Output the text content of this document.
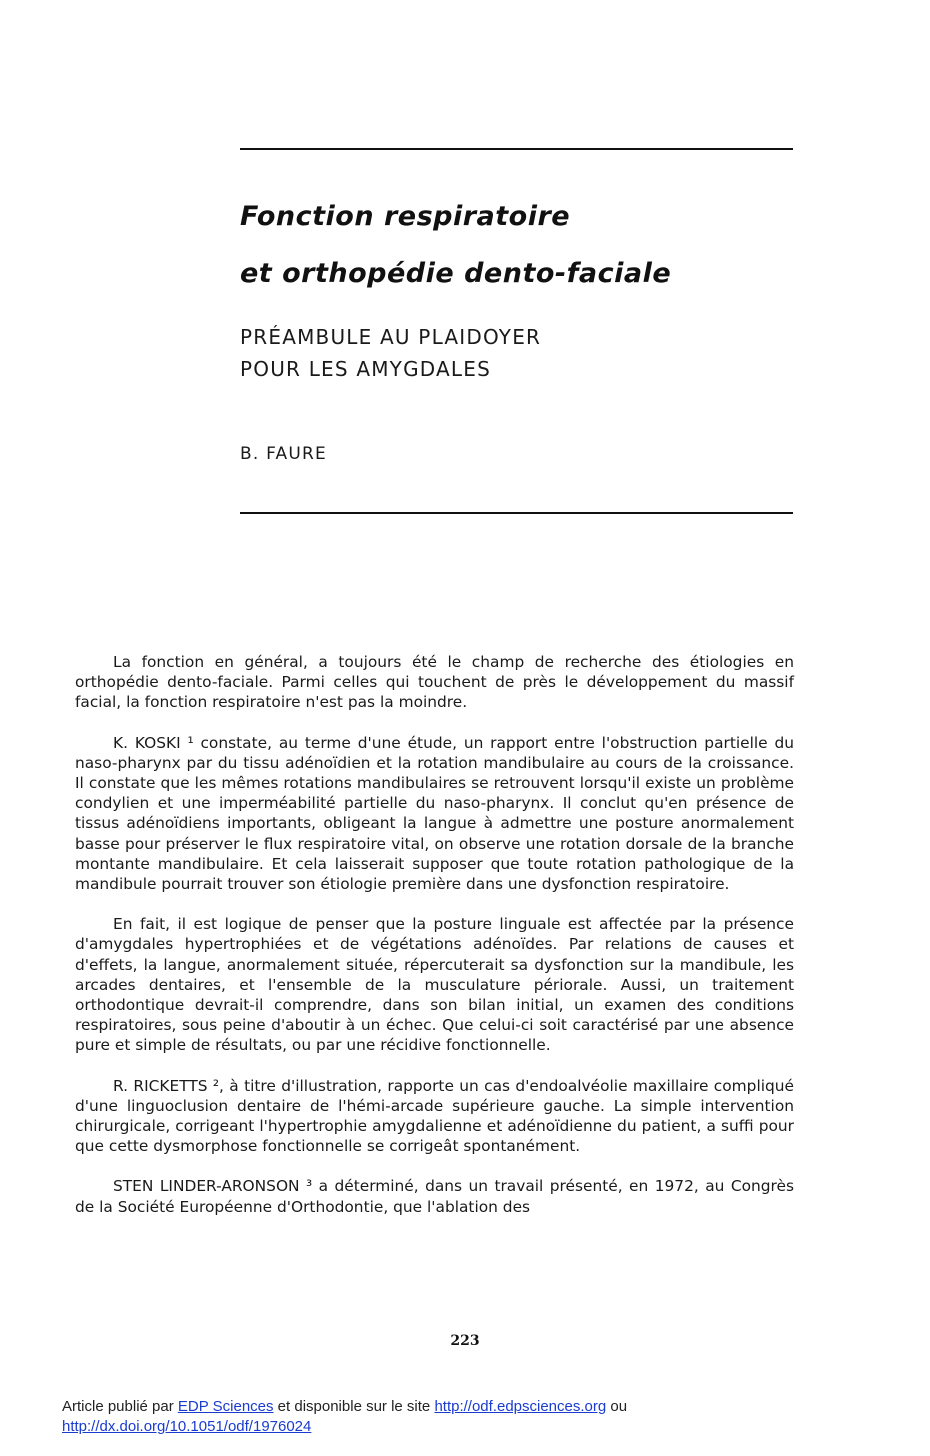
Fonction respiratoire
et orthopédie dento-faciale
PRÉAMBULE AU PLAIDOYER
POUR LES AMYGDALES
B. FAURE

La fonction en général, a toujours été le champ de recherche des étiologies en orthopédie dento-faciale. Parmi celles qui touchent de près le développement du massif facial, la fonction respiratoire n'est pas la moindre.

K. KOSKI ¹ constate, au terme d'une étude, un rapport entre l'obstruction partielle du naso-pharynx par du tissu adénoïdien et la rotation mandibulaire au cours de la croissance. Il constate que les mêmes rotations mandibulaires se retrouvent lorsqu'il existe un problème condylien et une imperméabilité partielle du naso-pharynx. Il conclut qu'en présence de tissus adénoïdiens importants, obligeant la langue à admettre une posture anormalement basse pour préserver le flux respiratoire vital, on observe une rotation dorsale de la branche montante mandibulaire. Et cela laisserait supposer que toute rotation pathologique de la mandibule pourrait trouver son étiologie première dans une dysfonction respiratoire.

En fait, il est logique de penser que la posture linguale est affectée par la présence d'amygdales hypertrophiées et de végétations adénoïdes. Par relations de causes et d'effets, la langue, anormalement située, répercuterait sa dysfonction sur la mandibule, les arcades dentaires, et l'ensemble de la musculature périorale. Aussi, un traitement orthodontique devrait-il comprendre, dans son bilan initial, un examen des conditions respiratoires, sous peine d'aboutir à un échec. Que celui-ci soit caractérisé par une absence pure et simple de résultats, ou par une récidive fonctionnelle.

R. RICKETTS ², à titre d'illustration, rapporte un cas d'endoalvéolie maxillaire compliqué d'une linguoclusion dentaire de l'hémi-arcade supérieure gauche. La simple intervention chirurgicale, corrigeant l'hypertrophie amygdalienne et adénoïdienne du patient, a suffi pour que cette dysmorphose fonctionnelle se corrigeât spontanément.

STEN LINDER-ARONSON ³ a déterminé, dans un travail présenté, en 1972, au Congrès de la Société Européenne d'Orthodontie, que l'ablation des

223
Article publié par EDP Sciences et disponible sur le site http://odf.edpsciences.org ou
http://dx.doi.org/10.1051/odf/1976024
